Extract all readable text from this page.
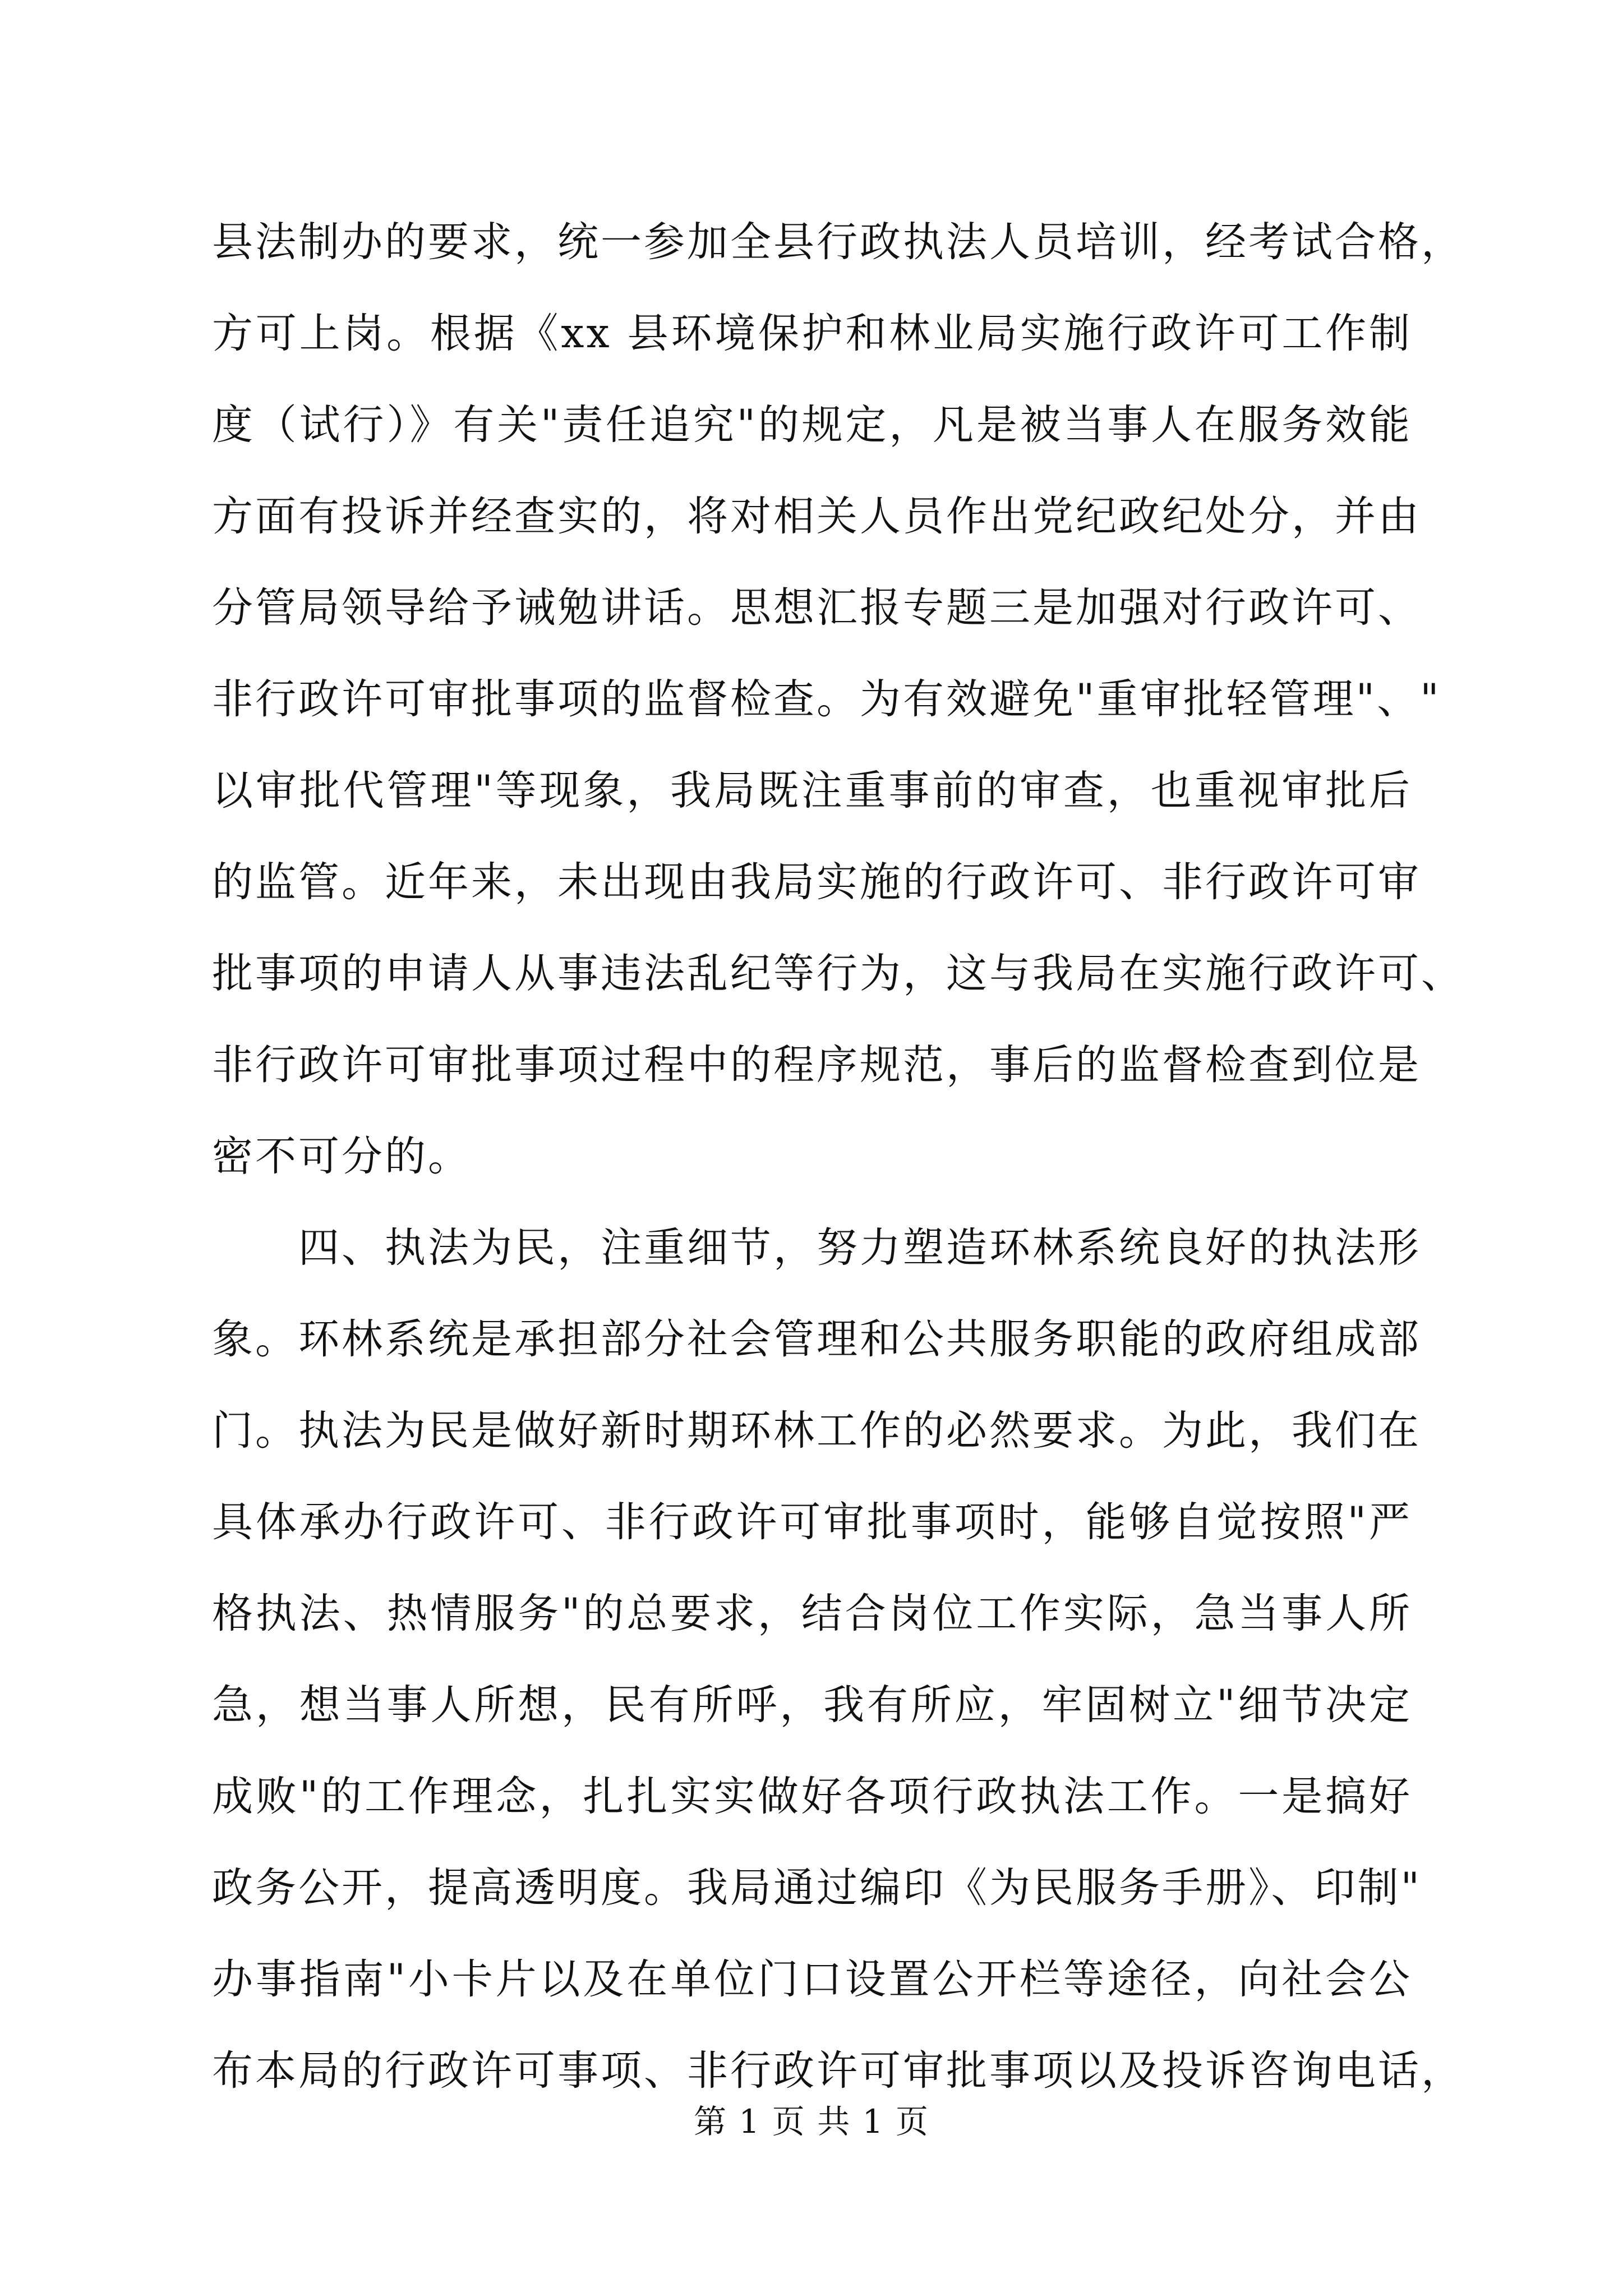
县法制办的要求，统一参加全县行政执法人员培训，经考试合格，
方可上岗。根据《xx 县环境保护和林业局实施行政许可工作制
度（试行）》有关"责任追究"的规定，凡是被当事人在服务效能
方面有投诉并经查实的，将对相关人员作出党纪政纪处分，并由
分管局领导给予诫勉讲话。思想汇报专题三是加强对行政许可、
非行政许可审批事项的监督检查。为有效避免"重审批轻管理"、"
以审批代管理"等现象，我局既注重事前的审查，也重视审批后
的监管。近年来，未出现由我局实施的行政许可、非行政许可审
批事项的申请人从事违法乱纪等行为，这与我局在实施行政许可、
非行政许可审批事项过程中的程序规范，事后的监督检查到位是
密不可分的。
　　四、执法为民，注重细节，努力塑造环林系统良好的执法形
象。环林系统是承担部分社会管理和公共服务职能的政府组成部
门。执法为民是做好新时期环林工作的必然要求。为此，我们在
具体承办行政许可、非行政许可审批事项时，能够自觉按照"严
格执法、热情服务"的总要求，结合岗位工作实际，急当事人所
急，想当事人所想，民有所呼，我有所应，牢固树立"细节决定
成败"的工作理念，扎扎实实做好各项行政执法工作。一是搞好
政务公开，提高透明度。我局通过编印《为民服务手册》、印制"
办事指南"小卡片以及在单位门口设置公开栏等途径，向社会公
布本局的行政许可事项、非行政许可审批事项以及投诉咨询电话，
第 1 页 共 1 页
